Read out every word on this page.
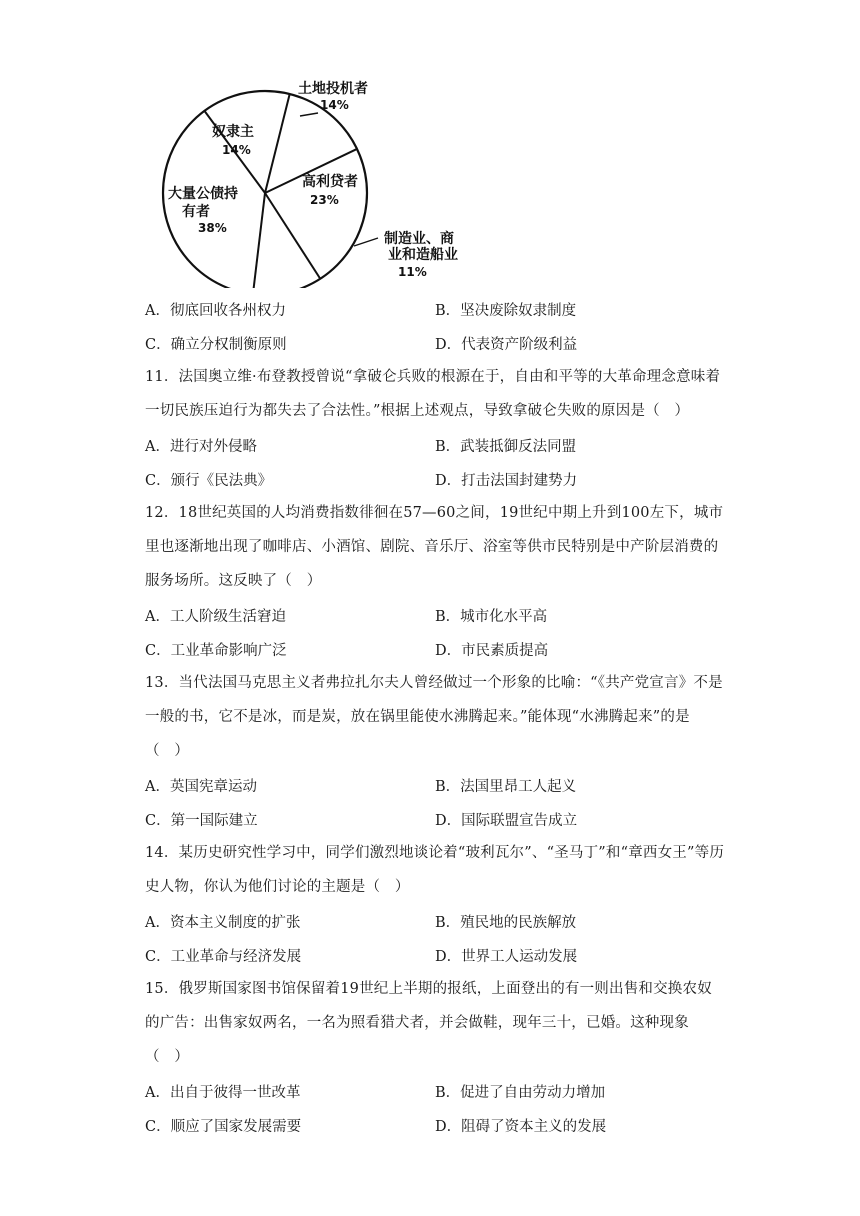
土地投机者
14%
高利贷者
23%
制造业、商
业和造船业
11%
大量公债持
有者
38%
奴隶主
14%
A．彻底回收各州权力	B．坚决废除奴隶制度
C．确立分权制衡原则	D．代表资产阶级利益

11．法国奥立维·布登教授曾说“拿破仑兵败的根源在于，自由和平等的大革命理念意味着一切民族压迫行为都失去了合法性。”根据上述观点，导致拿破仑失败的原因是（　）

A．进行对外侵略	B．武装抵御反法同盟
C．颁行《民法典》	D．打击法国封建势力

12．18世纪英国的人均消费指数徘徊在57—60之间，19世纪中期上升到100左下，城市里也逐渐地出现了咖啡店、小酒馆、剧院、音乐厅、浴室等供市民特别是中产阶层消费的服务场所。这反映了（　）

A．工人阶级生活窘迫	B．城市化水平高
C．工业革命影响广泛	D．市民素质提高

13．当代法国马克思主义者弗拉扎尔夫人曾经做过一个形象的比喻：“《共产党宣言》不是一般的书，它不是冰，而是炭，放在锅里能使水沸腾起来。”能体现“水沸腾起来”的是（　）

A．英国宪章运动	B．法国里昂工人起义
C．第一国际建立	D．国际联盟宣告成立

14．某历史研究性学习中，同学们激烈地谈论着“玻利瓦尔”、“圣马丁”和“章西女王”等历史人物，你认为他们讨论的主题是（　）

A．资本主义制度的扩张	B．殖民地的民族解放
C．工业革命与经济发展	D．世界工人运动发展

15．俄罗斯国家图书馆保留着19世纪上半期的报纸，上面登出的有一则出售和交换农奴的广告：出售家奴两名，一名为照看猎犬者，并会做鞋，现年三十，已婚。这种现象（　）

A．出自于彼得一世改革	B．促进了自由劳动力增加
C．顺应了国家发展需要	D．阻碍了资本主义的发展
